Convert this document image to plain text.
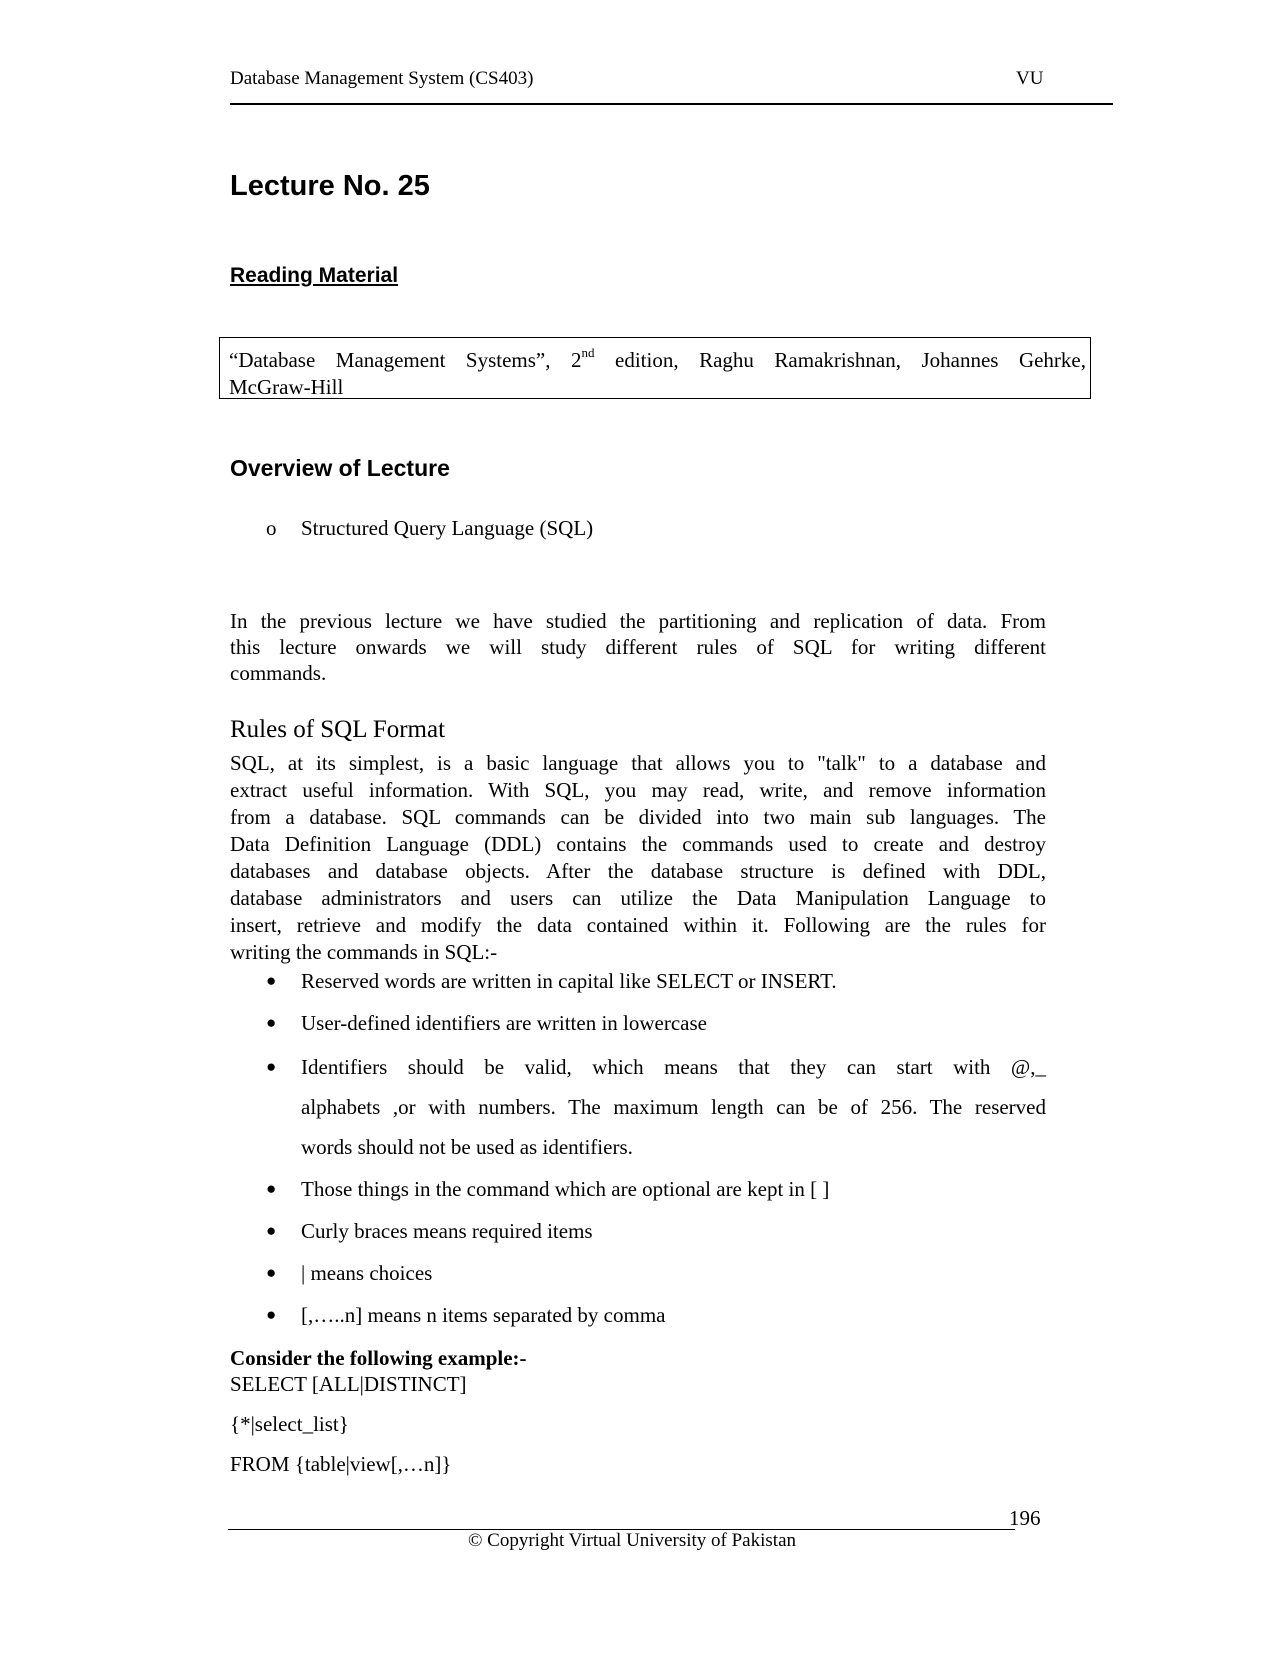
Database Management System (CS403)	VU
Lecture No. 25
Reading Material
“Database Management Systems”, 2nd edition, Raghu Ramakrishnan, Johannes Gehrke,
McGraw-Hill
Overview of Lecture
o Structured Query Language (SQL)
In the previous lecture we have studied the partitioning and replication of data. From
this lecture onwards we will study different rules of SQL for writing different
commands.
Rules of SQL Format
SQL, at its simplest, is a basic language that allows you to "talk" to a database and
extract useful information. With SQL, you may read, write, and remove information
from a database. SQL commands can be divided into two main sub languages. The
Data Definition Language (DDL) contains the commands used to create and destroy
databases and database objects. After the database structure is defined with DDL,
database administrators and users can utilize the Data Manipulation Language to
insert, retrieve and modify the data contained within it. Following are the rules for
writing the commands in SQL:-
● Reserved words are written in capital like SELECT or INSERT.
● User-defined identifiers are written in lowercase
● Identifiers should be valid, which means that they can start with @,_
alphabets ,or with numbers. The maximum length can be of 256. The reserved
words should not be used as identifiers.
● Those things in the command which are optional are kept in [ ]
● Curly braces means required items
● | means choices
● [,…..n] means n items separated by comma
Consider the following example:-
SELECT [ALL|DISTINCT]
{*|select_list}
FROM {table|view[,…n]}
196
© Copyright Virtual University of Pakistan
